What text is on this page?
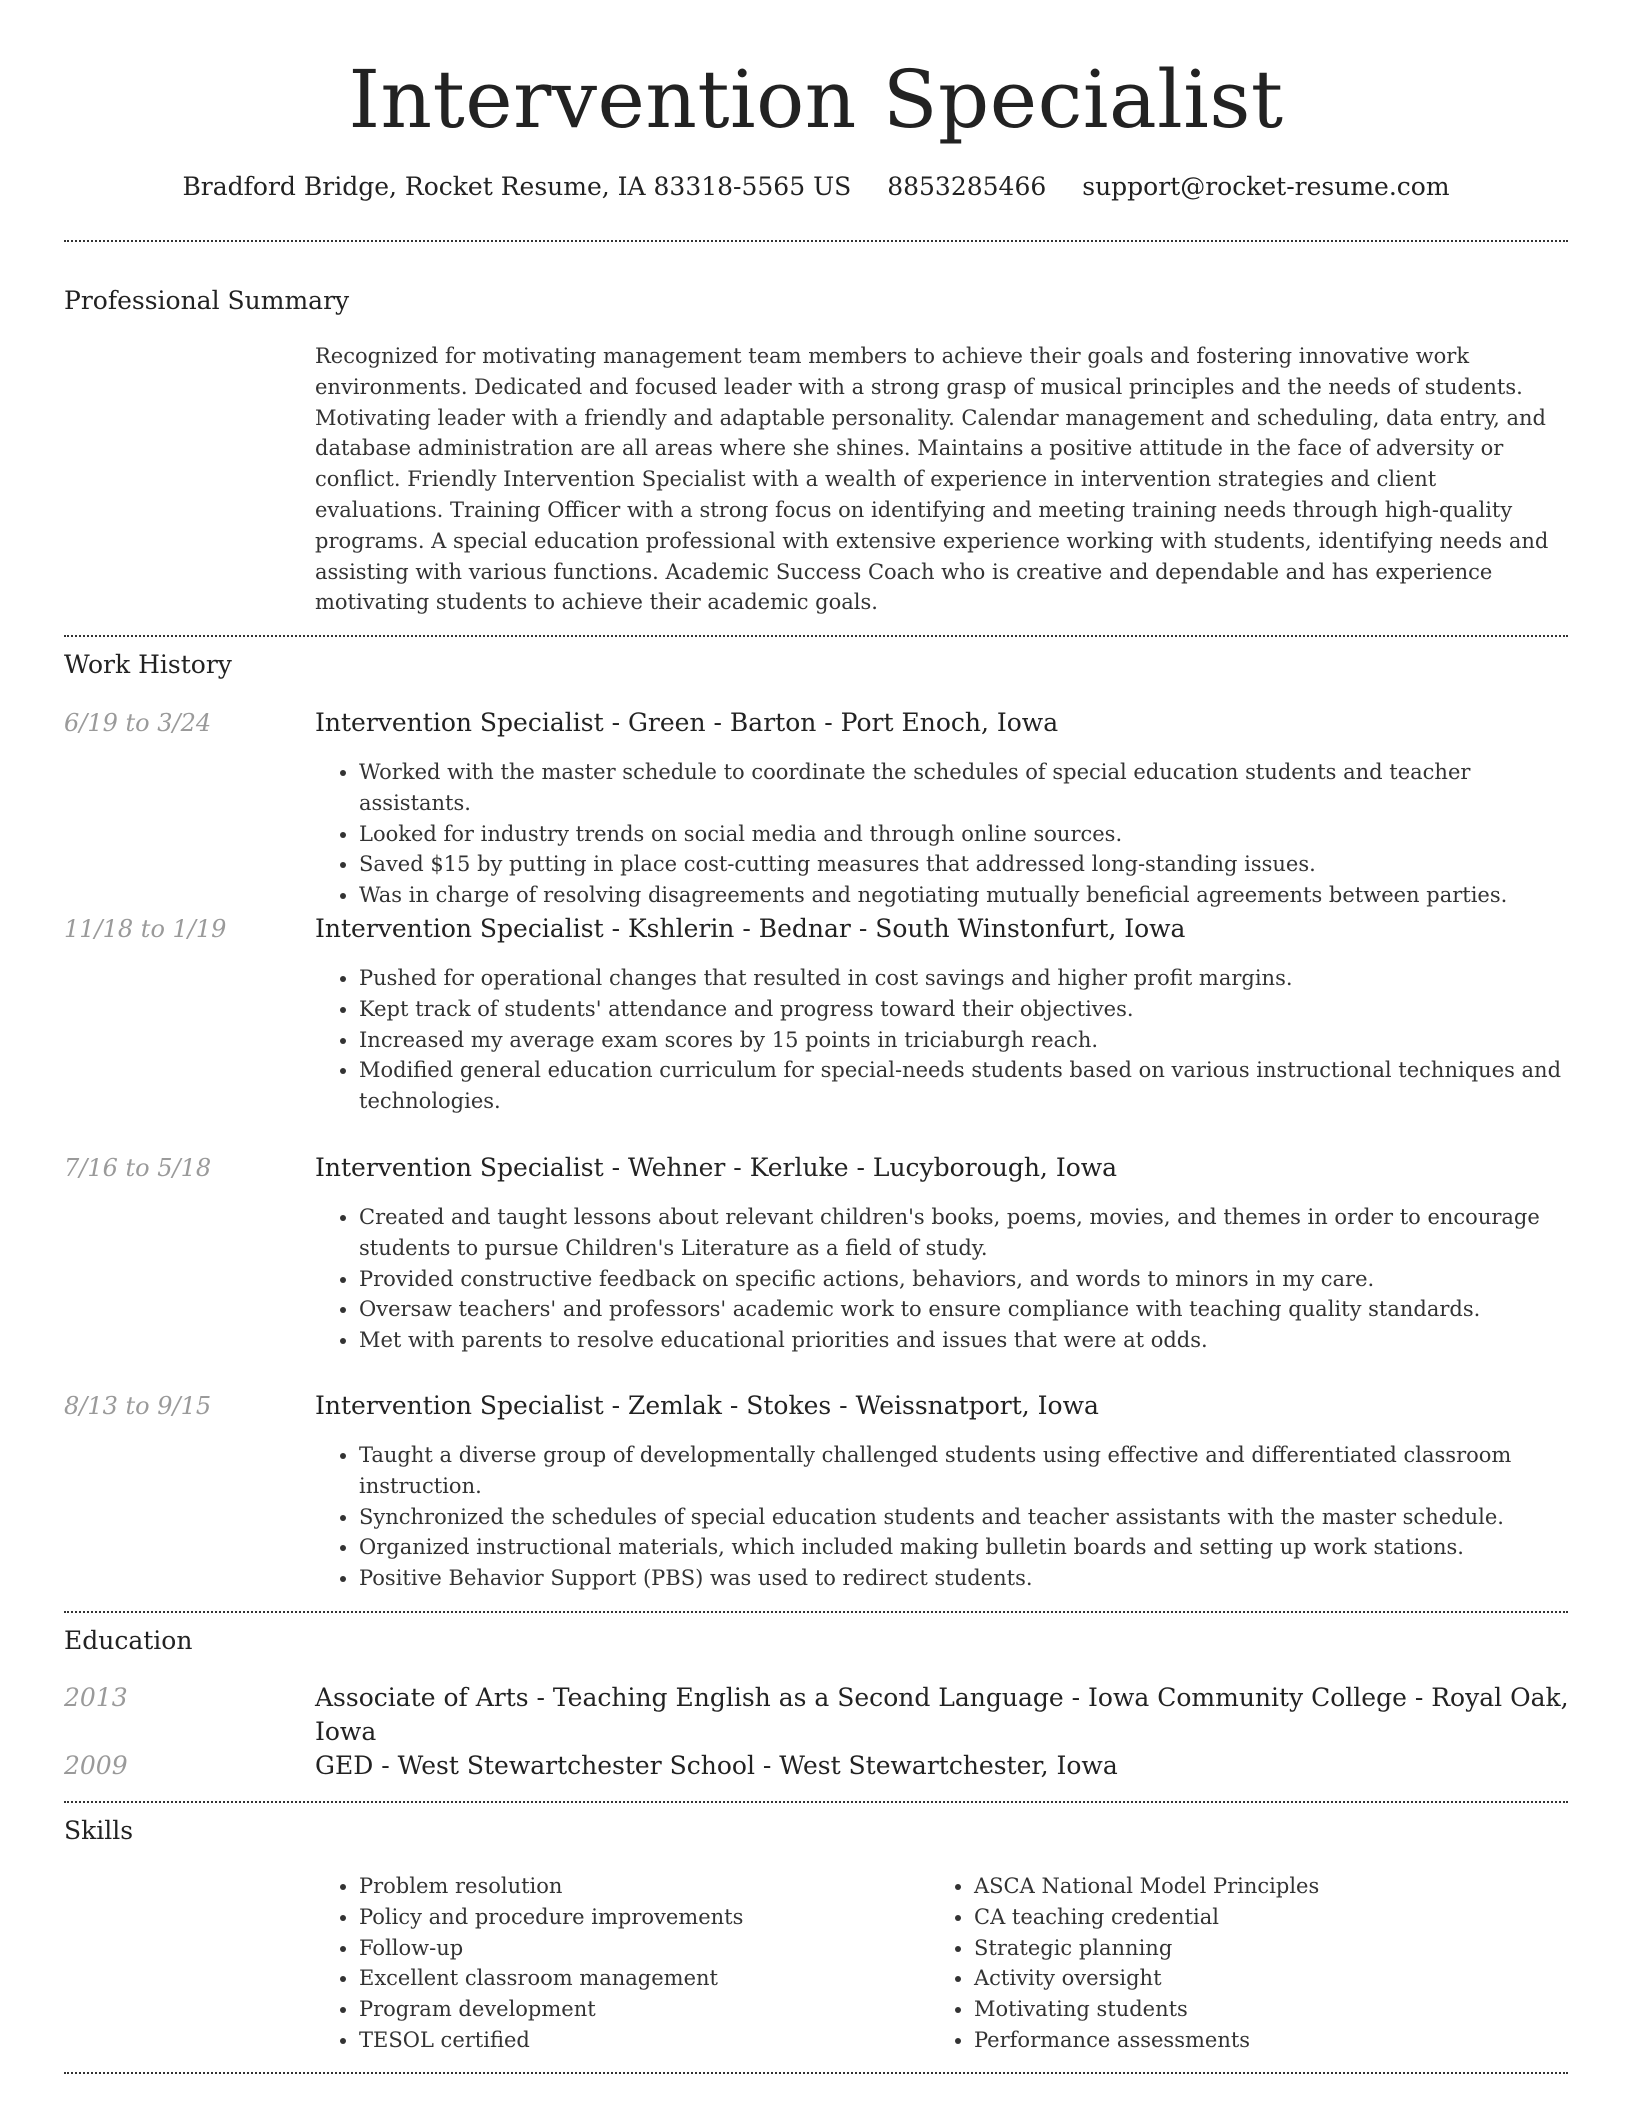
Intervention Specialist
Bradford Bridge, Rocket Resume, IA 83318-5565 US 8853285466 support@rocket-resume.com
Professional Summary
Recognized for motivating management team members to achieve their goals and fostering innovative work environments. Dedicated and focused leader with a strong grasp of musical principles and the needs of students. Motivating leader with a friendly and adaptable personality. Calendar management and scheduling, data entry, and database administration are all areas where she shines. Maintains a positive attitude in the face of adversity or conflict. Friendly Intervention Specialist with a wealth of experience in intervention strategies and client evaluations. Training Officer with a strong focus on identifying and meeting training needs through high-quality programs. A special education professional with extensive experience working with students, identifying needs and assisting with various functions. Academic Success Coach who is creative and dependable and has experience motivating students to achieve their academic goals.
Work History
6/19 to 3/24	Intervention Specialist - Green - Barton - Port Enoch, Iowa
• Worked with the master schedule to coordinate the schedules of special education students and teacher assistants.
• Looked for industry trends on social media and through online sources.
• Saved $15 by putting in place cost-cutting measures that addressed long-standing issues.
• Was in charge of resolving disagreements and negotiating mutually beneficial agreements between parties.
11/18 to 1/19	Intervention Specialist - Kshlerin - Bednar - South Winstonfurt, Iowa
• Pushed for operational changes that resulted in cost savings and higher profit margins.
• Kept track of students' attendance and progress toward their objectives.
• Increased my average exam scores by 15 points in triciaburgh reach.
• Modified general education curriculum for special-needs students based on various instructional techniques and technologies.
7/16 to 5/18	Intervention Specialist - Wehner - Kerluke - Lucyborough, Iowa
• Created and taught lessons about relevant children's books, poems, movies, and themes in order to encourage students to pursue Children's Literature as a field of study.
• Provided constructive feedback on specific actions, behaviors, and words to minors in my care.
• Oversaw teachers' and professors' academic work to ensure compliance with teaching quality standards.
• Met with parents to resolve educational priorities and issues that were at odds.
8/13 to 9/15	Intervention Specialist - Zemlak - Stokes - Weissnatport, Iowa
• Taught a diverse group of developmentally challenged students using effective and differentiated classroom instruction.
• Synchronized the schedules of special education students and teacher assistants with the master schedule.
• Organized instructional materials, which included making bulletin boards and setting up work stations.
• Positive Behavior Support (PBS) was used to redirect students.
Education
2013	Associate of Arts - Teaching English as a Second Language - Iowa Community College - Royal Oak, Iowa
2009	GED - West Stewartchester School - West Stewartchester, Iowa
Skills
• Problem resolution
• Policy and procedure improvements
• Follow-up
• Excellent classroom management
• Program development
• TESOL certified
• ASCA National Model Principles
• CA teaching credential
• Strategic planning
• Activity oversight
• Motivating students
• Performance assessments
